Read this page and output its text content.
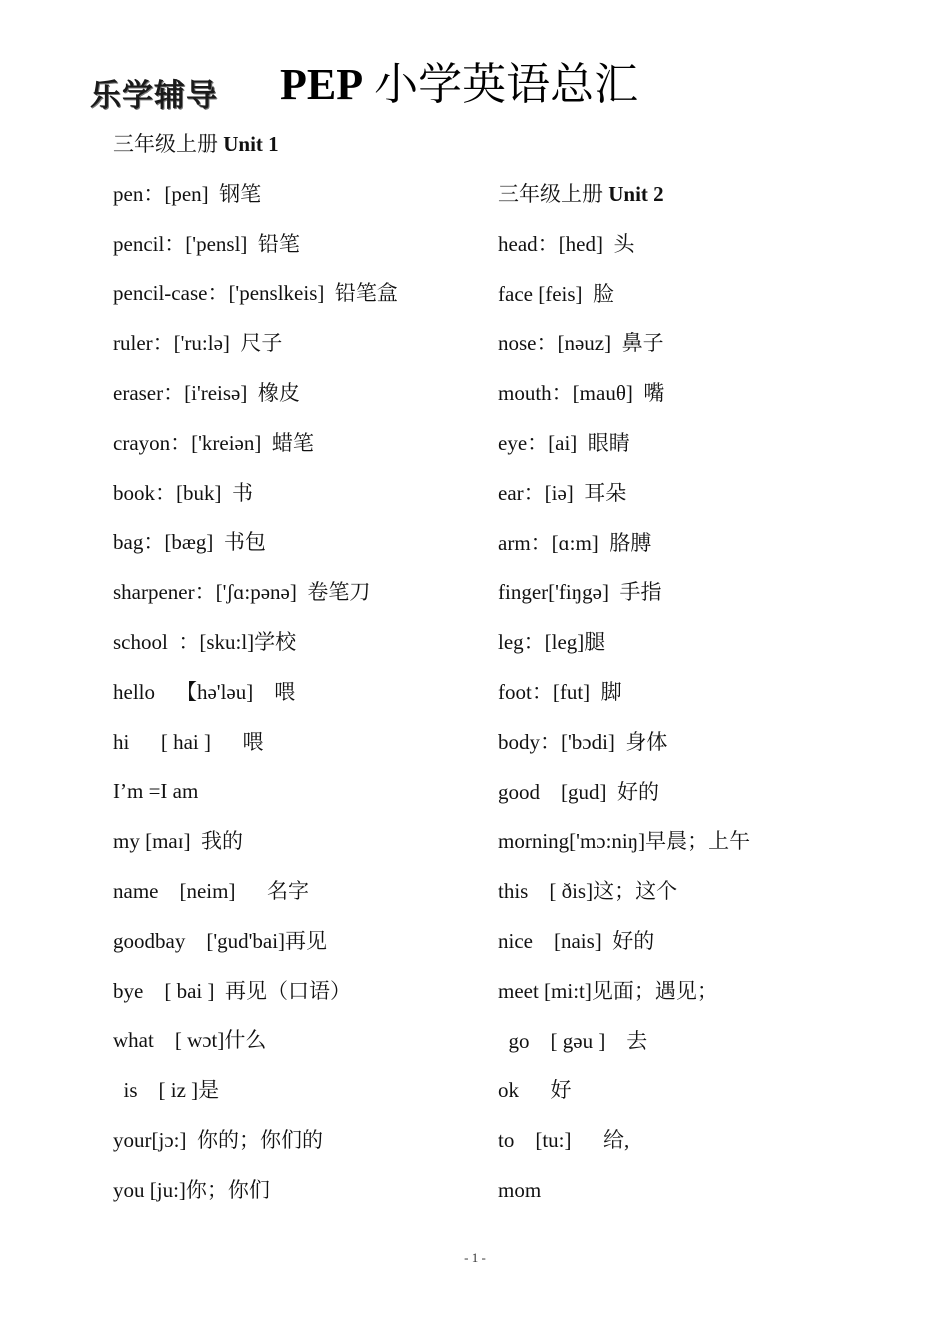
乐学辅导 PEP 小学英语总汇
三年级上册 Unit 1
pen：[pen]  钢笔
pencil：['pensl]  铅笔
pencil-case：['penslkeis]  铅笔盒
ruler：['ru:lə]  尺子
eraser：[i'reisə]  橡皮
crayon：['kreiən]  蜡笔
book：[buk]  书
bag：[bæg]  书包
sharpener：['ʃɑ:pənə]  卷笔刀
school  ：[sku:l]学校
hello    【hə'ləu]    喂
hi      [ hai ]      喂
I’m =I am
my [maɪ]  我的
name    [neim]      名字
goodbay    ['gud'bai]再见
bye    [ bai ]  再见（口语）
what    [ wɔt]什么
is    [ iz ]是
your[jɔ:]  你的；你们的
you [ju:]你；你们
三年级上册 Unit 2
head：[hed]  头
face [feis]  脸
nose：[nəuz]  鼻子
mouth：[mauθ]  嘴
eye：[ai]  眼睛
ear：[iə]  耳朵
arm：[ɑ:m]  胳膊
finger['fiŋgə]  手指
leg：[leg]腿
foot：[fut]  脚
body：['bɔdi]  身体
good    [gud]  好的
morning['mɔ:niŋ]早晨；上午
this    [ ðis]这；这个
nice    [nais]  好的
meet [mi:t]见面；遇见；
go    [ gəu ]    去
ok      好
to    [tu:]      给,
mom
- 1 -
